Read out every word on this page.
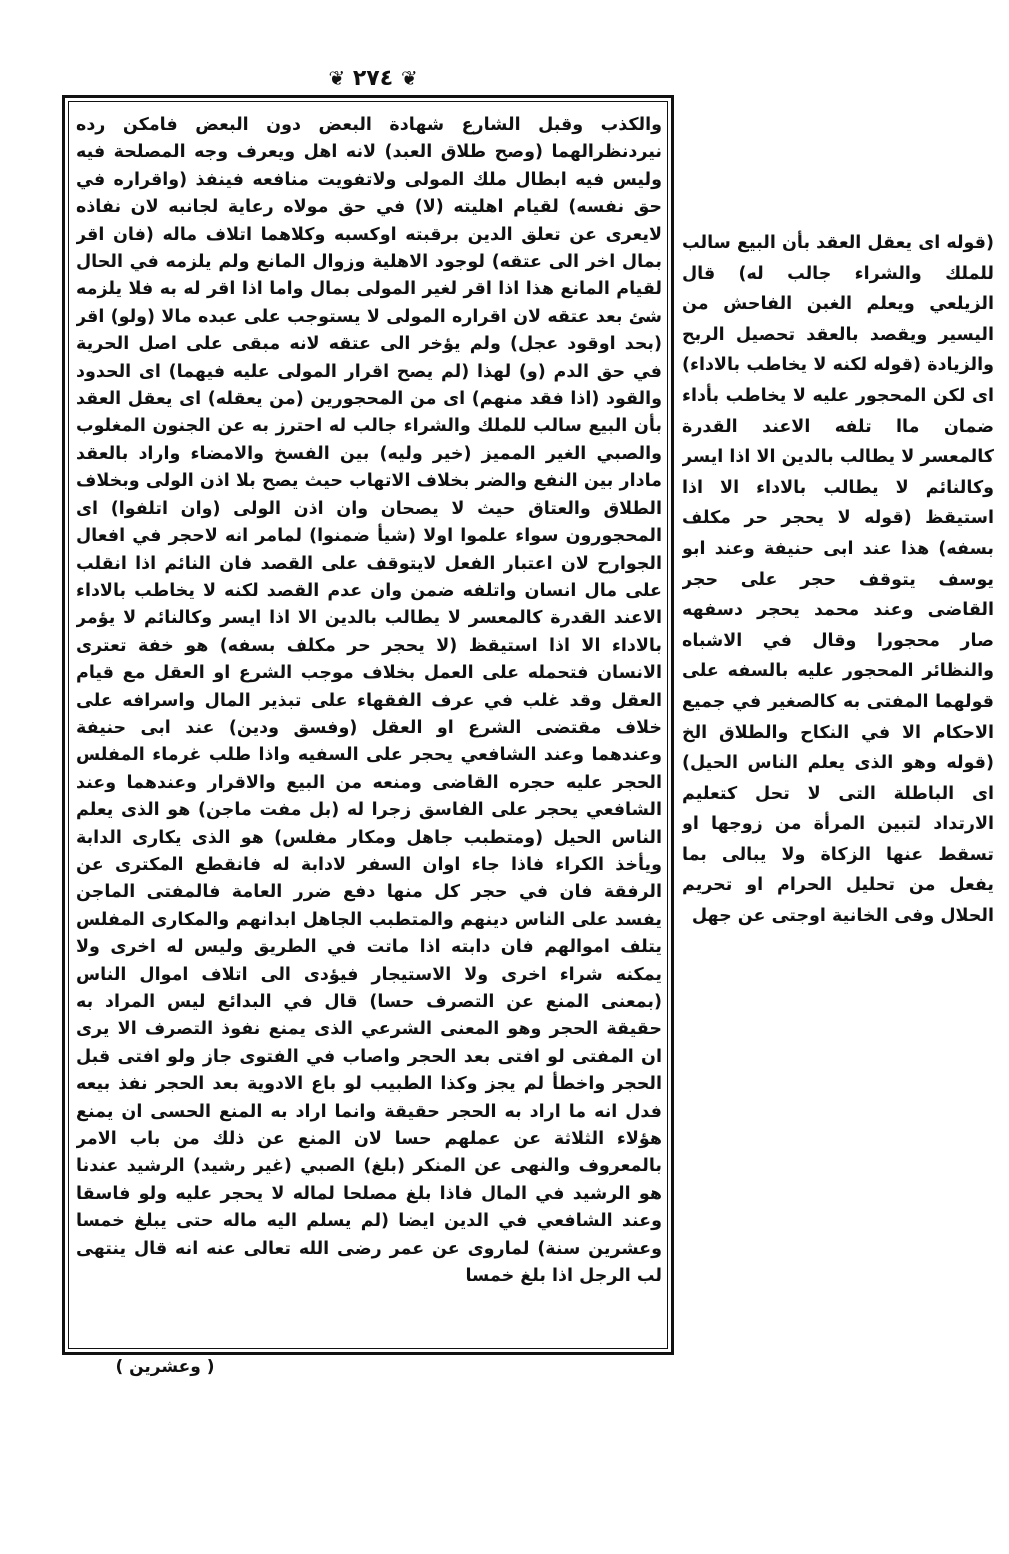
❦ ٢٧٤ ❦

والكذب وقبل الشارع شهادة البعض دون البعض فامكن رده نيردنظرالهما (وصح طلاق العبد) لانه اهل ويعرف وجه المصلحة فيه وليس فيه ابطال ملك المولى ولاتفويت منافعه فينفذ (واقراره في حق نفسه) لقيام اهليته (لا) في حق مولاه رعاية لجانبه لان نفاذه لايعرى عن تعلق الدين برقبته اوكسبه وكلاهما اتلاف ماله (فان اقر بمال اخر الى عتقه) لوجود الاهلية وزوال المانع ولم يلزمه في الحال لقيام المانع هذا اذا اقر لغير المولى بمال واما اذا اقر له به فلا يلزمه شئ بعد عتقه لان اقراره المولى لا يستوجب على عبده مالا (ولو) اقر (بحد اوقود عجل) ولم يؤخر الى عتقه لانه مبقى على اصل الحرية في حق الدم (و) لهذا (لم يصح اقرار المولى عليه فيهما) اى الحدود والقود (اذا فقد منهم) اى من المحجورين (من يعقله) اى يعقل العقد بأن البيع سالب للملك والشراء جالب له احترز به عن الجنون المغلوب والصبي الغير المميز (خير وليه) بين الفسخ والامضاء واراد بالعقد مادار بين النفع والضر بخلاف الاتهاب حيث يصح بلا اذن الولى وبخلاف الطلاق والعتاق حيث لا يصحان وان اذن الولى (وان اتلفوا) اى المحجورون سواء علموا اولا (شيأ ضمنوا) لمامر انه لاحجر في افعال الجوارح لان اعتبار الفعل لايتوقف على القصد فان النائم اذا انقلب على مال انسان واتلفه ضمن وان عدم القصد لكنه لا يخاطب بالاداء الاعند القدرة كالمعسر لا يطالب بالدين الا اذا ايسر وكالنائم لا يؤمر بالاداء الا اذا استيقظ (لا يحجر حر مكلف بسفه) هو خفة تعترى الانسان فتحمله على العمل بخلاف موجب الشرع او العقل مع قيام العقل وقد غلب في عرف الفقهاء على تبذير المال واسرافه على خلاف مقتضى الشرع او العقل (وفسق ودين) عند ابى حنيفة وعندهما وعند الشافعي يحجر على السفيه واذا طلب غرماء المفلس الحجر عليه حجره القاضى ومنعه من البيع والاقرار وعندهما وعند الشافعي يحجر على الفاسق زجرا له (بل مفت ماجن) هو الذى يعلم الناس الحيل (ومتطبب جاهل ومكار مفلس) هو الذى يكارى الدابة ويأخذ الكراء فاذا جاء اوان السفر لادابة له فانقطع المكترى عن الرفقة فان في حجر كل منها دفع ضرر العامة فالمفتى الماجن يفسد على الناس دينهم والمتطبب الجاهل ابدانهم والمكارى المفلس يتلف اموالهم فان دابته اذا ماتت في الطريق وليس له اخرى ولا يمكنه شراء اخرى ولا الاستيجار فيؤدى الى اتلاف اموال الناس (بمعنى المنع عن التصرف حسا) قال في البدائع ليس المراد به حقيقة الحجر وهو المعنى الشرعي الذى يمنع نفوذ التصرف الا يرى ان المفتى لو افتى بعد الحجر واصاب في الفتوى جاز ولو افتى قبل الحجر واخطأ لم يجز وكذا الطبيب لو باع الادوية بعد الحجر نفذ بيعه فدل انه ما اراد به الحجر حقيقة وانما اراد به المنع الحسى ان يمنع هؤلاء الثلاثة عن عملهم حسا لان المنع عن ذلك من باب الامر بالمعروف والنهى عن المنكر (بلغ) الصبي (غير رشيد) الرشيد عندنا هو الرشيد في المال فاذا بلغ مصلحا لماله لا يحجر عليه ولو فاسقا وعند الشافعي في الدين ايضا (لم يسلم اليه ماله حتى يبلغ خمسا وعشرين سنة) لماروى عن عمر رضى الله تعالى عنه انه قال ينتهى لب الرجل اذا بلغ خمسا

(قوله اى يعقل العقد بأن البيع سالب للملك والشراء جالب له) قال الزيلعي ويعلم الغبن الفاحش من اليسير ويقصد بالعقد تحصيل الربح والزيادة (قوله لكنه لا يخاطب بالاداء) اى لكن المحجور عليه لا يخاطب بأداء ضمان ماا تلفه الاعند القدرة كالمعسر لا يطالب بالدين الا اذا ايسر وكالنائم لا يطالب بالاداء الا اذا استيقظ (قوله لا يحجر حر مكلف بسفه) هذا عند ابى حنيفة وعند ابو يوسف يتوقف حجر على حجر القاضى وعند محمد يحجر دسفهه صار محجورا وقال في الاشباه والنظائر المحجور عليه بالسفه على قولهما المفتى به كالصغير في جميع الاحكام الا في النكاح والطلاق الخ (قوله وهو الذى يعلم الناس الحيل) اى الباطلة التى لا تحل كتعليم الارتداد لتبين المرأة من زوجها او تسقط عنها الزكاة ولا يبالى بما يفعل من تحليل الحرام او تحريم الحلال وفى الخانية اوجتى عن جهل

( وعشرين )
